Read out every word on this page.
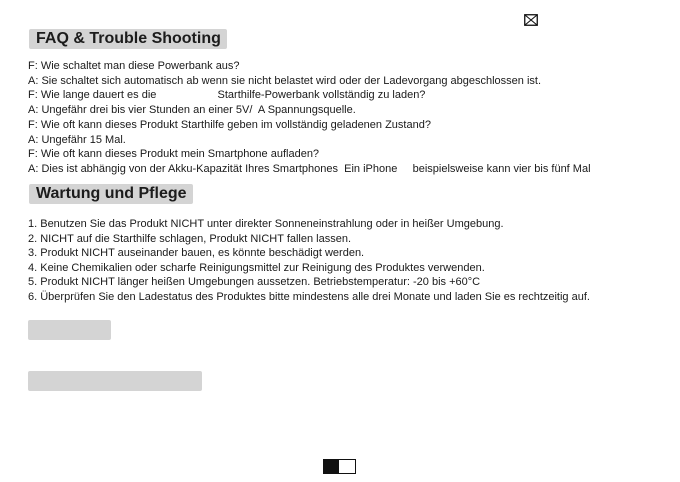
FAQ & Trouble Shooting
F: Wie schaltet man diese Powerbank aus?
A: Sie schaltet sich automatisch ab wenn sie nicht belastet wird oder der Ladevorgang abgeschlossen ist.
F: Wie lange dauert es die                    Starthilfe-Powerbank vollständig zu laden?
A: Ungefähr drei bis vier Stunden an einer 5V/  A Spannungsquelle.
F: Wie oft kann dieses Produkt Starthilfe geben im vollständig geladenen Zustand?
A: Ungefähr 15 Mal.
F: Wie oft kann dieses Produkt mein Smartphone aufladen?
A: Dies ist abhängig von der Akku-Kapazität Ihres Smartphones  Ein iPhone     beispielsweise kann vier bis fünf Mal
Wartung und Pflege
1. Benutzen Sie das Produkt NICHT unter direkter Sonneneinstrahlung oder in heißer Umgebung.
2. NICHT auf die Starthilfe schlagen, Produkt NICHT fallen lassen.
3. Produkt NICHT auseinander bauen, es könnte beschädigt werden.
4. Keine Chemikalien oder scharfe Reinigungsmittel zur Reinigung des Produktes verwenden.
5. Produkt NICHT länger heißen Umgebungen aussetzen. Betriebstemperatur: -20 bis +60°C
6. Überprüfen Sie den Ladestatus des Produktes bitte mindestens alle drei Monate und laden Sie es rechtzeitig auf.
